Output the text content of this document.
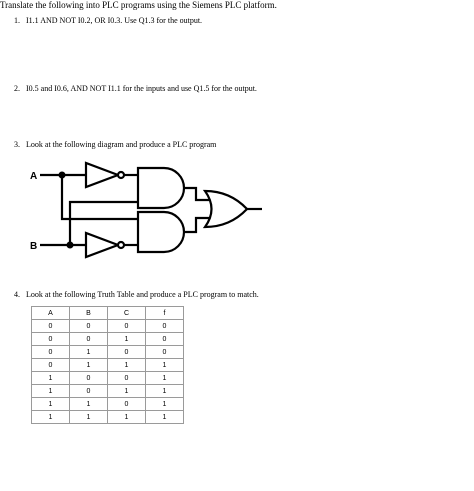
Translate the following into PLC programs using the Siemens PLC platform.
1. I1.1 AND NOT I0.2, OR I0.3. Use Q1.3 for the output.
2. I0.5 and I0.6, AND NOT I1.1 for the inputs and use Q1.5 for the output.
3. Look at the following diagram and produce a PLC program
A
B
4. Look at the following Truth Table and produce a PLC program to match.
A	B	C	f
0	0	0	0
0	0	1	0
0	1	0	0
0	1	1	1
1	0	0	1
1	0	1	1
1	1	0	1
1	1	1	1
